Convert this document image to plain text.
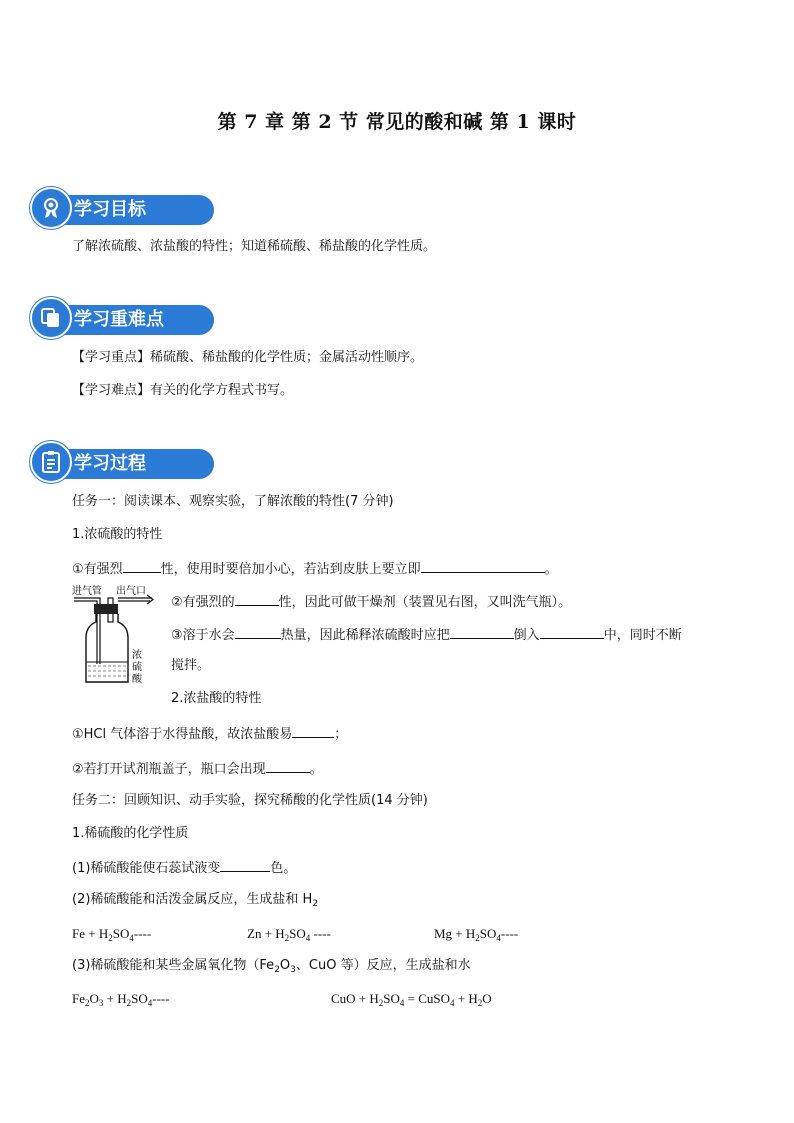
第 7 章 第 2 节 常见的酸和碱 第 1 课时
学习目标
了解浓硫酸、浓盐酸的特性；知道稀硫酸、稀盐酸的化学性质。
学习重难点
【学习重点】稀硫酸、稀盐酸的化学性质；金属活动性顺序。
【学习难点】有关的化学方程式书写。
学习过程
任务一：阅读课本、观察实验，了解浓酸的特性(7 分钟)
1.浓硫酸的特性
①有强烈	性，使用时要倍加小心，若沾到皮肤上要立即	。
进气管 出气口
浓
硫
酸
②有强烈的	性，因此可做干燥剂（装置见右图，又叫洗气瓶）。
③溶于水会	热量，因此稀释浓硫酸时应把	倒入	中，同时不断
搅拌。
2.浓盐酸的特性
①HCl 气体溶于水得盐酸，故浓盐酸易	；
②若打开试剂瓶盖子，瓶口会出现	。
任务二：回顾知识、动手实验，探究稀酸的化学性质(14 分钟)
1.稀硫酸的化学性质
(1)稀硫酸能使石蕊试液变	色。
(2)稀硫酸能和活泼金属反应，生成盐和 $H_2$
$Fe + H_2SO_4----$	$Zn + H_2SO_4$ ----	$Mg + H_2SO_4----$
(3)稀硫酸能和某些金属氧化物（$Fe_2O_3$、CuO 等）反应，生成盐和水
$Fe_2O_3 + H_2SO_4----$	CuO + $H_2SO_4$ = CuSO$_4$ + $H_2O$
